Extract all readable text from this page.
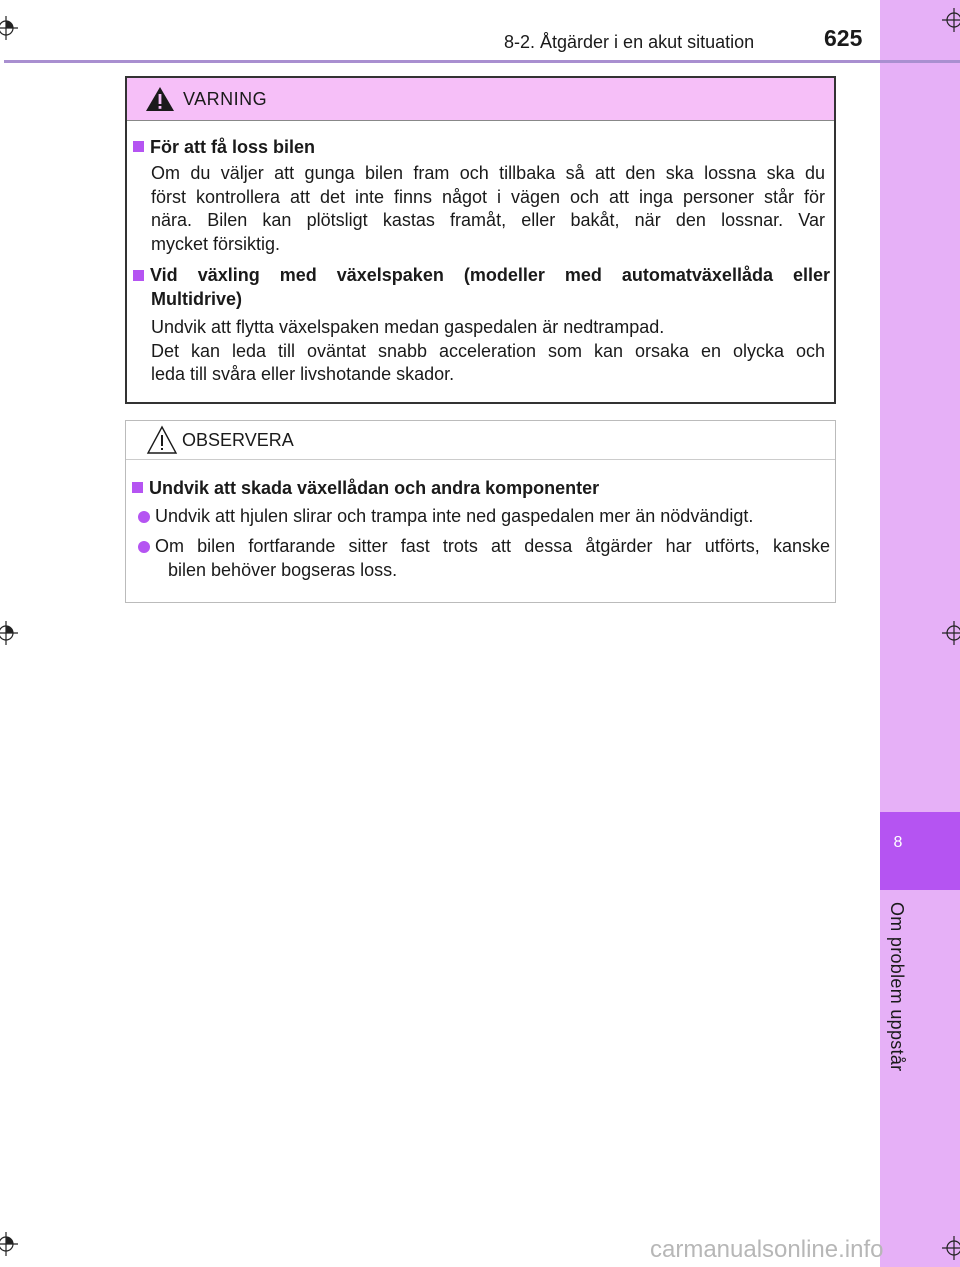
8
Om problem uppstår
8-2. Åtgärder i en akut situation	625
VARNING
För att få loss bilen
Om du väljer att gunga bilen fram och tillbaka så att den ska lossna ska du
först kontrollera att det inte finns något i vägen och att inga personer står för
nära. Bilen kan plötsligt kastas framåt, eller bakåt, när den lossnar. Var
mycket försiktig.
Vid växling med växelspaken (modeller med automatväxellåda eller
Multidrive)
Undvik att flytta växelspaken medan gaspedalen är nedtrampad.
Det kan leda till oväntat snabb acceleration som kan orsaka en olycka och
leda till svåra eller livshotande skador.
OBSERVERA
Undvik att skada växellådan och andra komponenter
Undvik att hjulen slirar och trampa inte ned gaspedalen mer än nödvändigt.
Om bilen fortfarande sitter fast trots att dessa åtgärder har utförts, kanske
bilen behöver bogseras loss.
carmanualsonline.info
